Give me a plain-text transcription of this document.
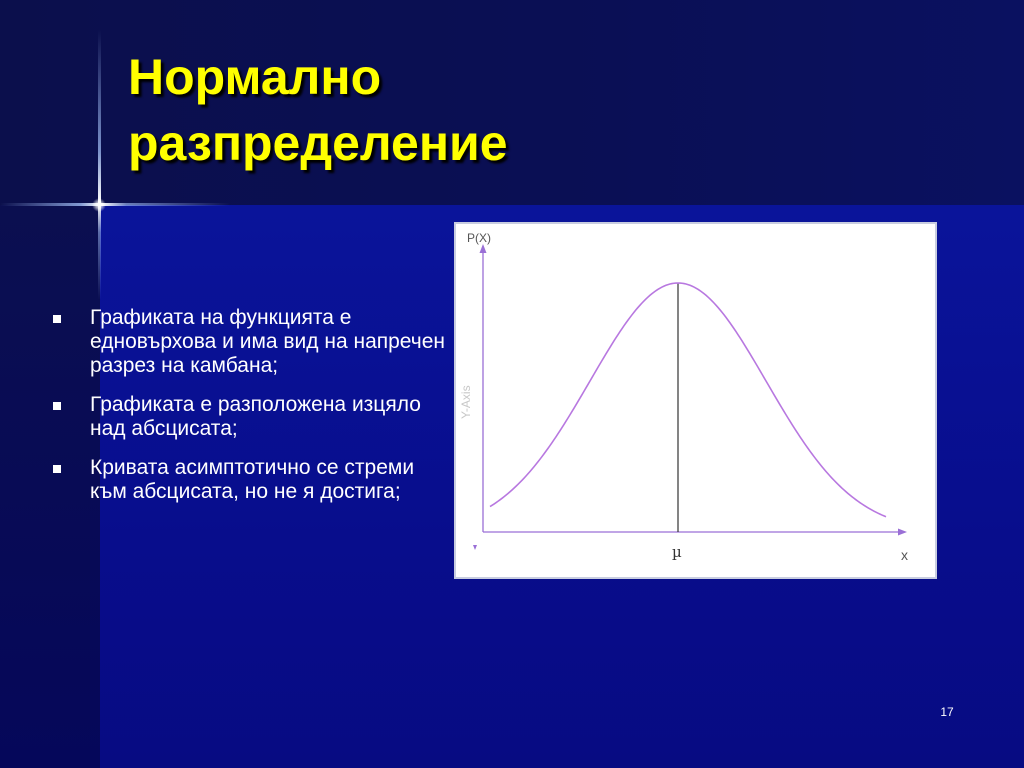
Нормално
разпределение
Графиката на функцията е едновърхова и има вид на напречен разрез на камбана;
Графиката е разположена изцяло над абсцисата;
Кривата асимптотично се стреми към абсцисата, но не я достига;
P(X)
Y-Axis
x
µ
17
